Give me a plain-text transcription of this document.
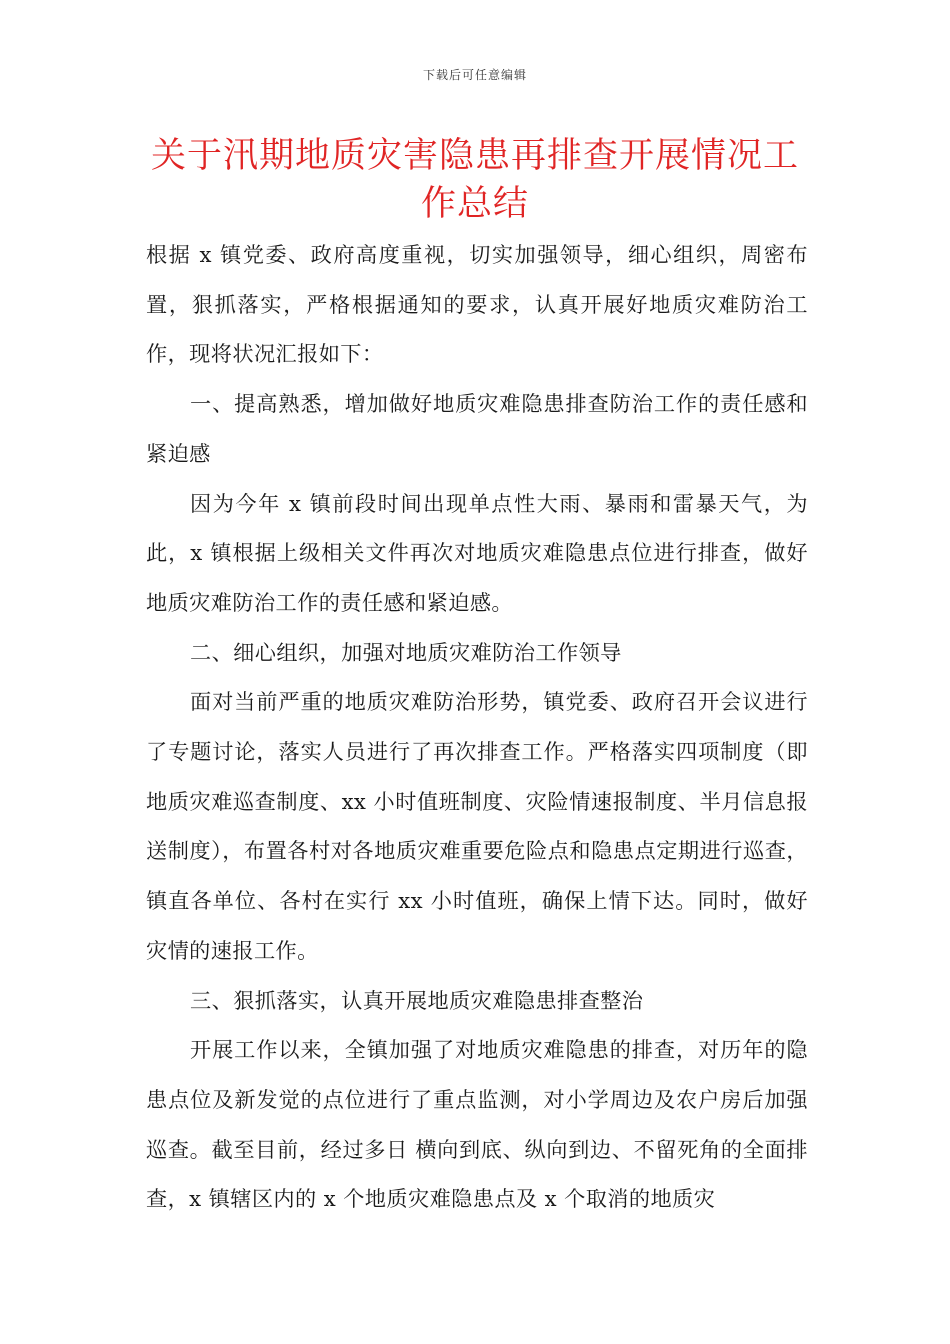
下载后可任意编辑
关于汛期地质灾害隐患再排查开展情况工作总结

根据 x 镇党委、政府高度重视，切实加强领导，细心组织，周密布置，狠抓落实，严格根据通知的要求，认真开展好地质灾难防治工作，现将状况汇报如下：

一、提高熟悉，增加做好地质灾难隐患排查防治工作的责任感和紧迫感

因为今年 x 镇前段时间出现单点性大雨、暴雨和雷暴天气，为此，x 镇根据上级相关文件再次对地质灾难隐患点位进行排查，做好地质灾难防治工作的责任感和紧迫感。

二、细心组织，加强对地质灾难防治工作领导

面对当前严重的地质灾难防治形势，镇党委、政府召开会议进行了专题讨论，落实人员进行了再次排查工作。严格落实四项制度（即地质灾难巡查制度、xx 小时值班制度、灾险情速报制度、半月信息报送制度），布置各村对各地质灾难重要危险点和隐患点定期进行巡查，镇直各单位、各村在实行 xx 小时值班，确保上情下达。同时，做好灾情的速报工作。

三、狠抓落实，认真开展地质灾难隐患排查整治

开展工作以来，全镇加强了对地质灾难隐患的排查，对历年的隐患点位及新发觉的点位进行了重点监测，对小学周边及农户房后加强巡查。截至目前，经过多日 横向到底、纵向到边、不留死角的全面排查，x 镇辖区内的 x 个地质灾难隐患点及 x 个取消的地质灾
